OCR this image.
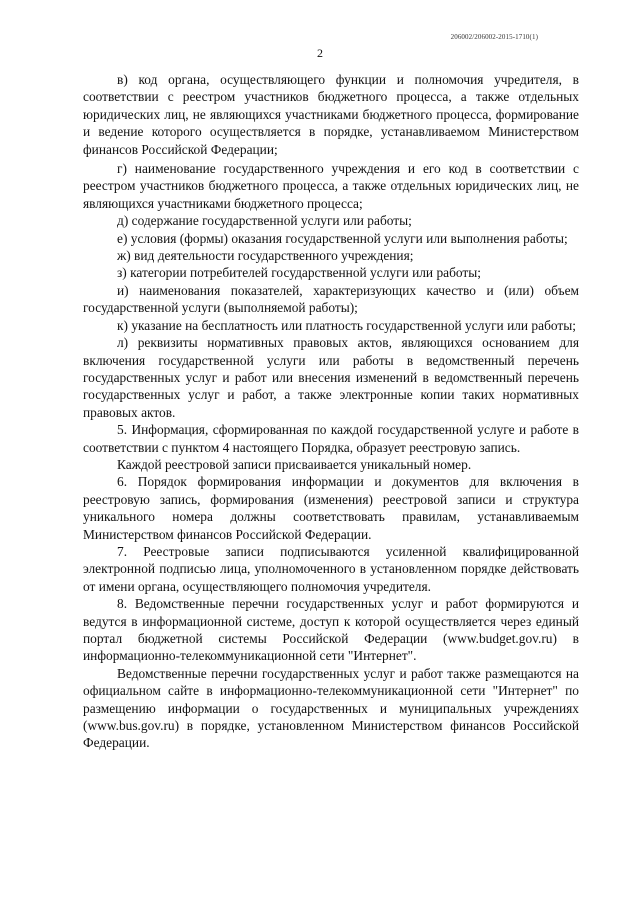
206002/206002-2015-1710(1)
2

в) код органа, осуществляющего функции и полномочия учредителя, в соответствии с реестром участников бюджетного процесса, а также отдельных юридических лиц, не являющихся участниками бюджетного процесса, формирование и ведение которого осуществляется в порядке, устанавливаемом Министерством финансов Российской Федерации;

г) наименование государственного учреждения и его код в соответствии с реестром участников бюджетного процесса, а также отдельных юридических лиц, не являющихся участниками бюджетного процесса;

д) содержание государственной услуги или работы;

е) условия (формы) оказания государственной услуги или выполнения работы;

ж) вид деятельности государственного учреждения;

з) категории потребителей государственной услуги или работы;

и) наименования показателей, характеризующих качество и (или) объем государственной услуги (выполняемой работы);

к) указание на бесплатность или платность государственной услуги или работы;

л) реквизиты нормативных правовых актов, являющихся основанием для включения государственной услуги или работы в ведомственный перечень государственных услуг и работ или внесения изменений в ведомственный перечень государственных услуг и работ, а также электронные копии таких нормативных правовых актов.

5. Информация, сформированная по каждой государственной услуге и работе в соответствии с пунктом 4 настоящего Порядка, образует реестровую запись.

Каждой реестровой записи присваивается уникальный номер.

6. Порядок формирования информации и документов для включения в реестровую запись, формирования (изменения) реестровой записи и структура уникального номера должны соответствовать правилам, устанавливаемым Министерством финансов Российской Федерации.

7. Реестровые записи подписываются усиленной квалифицированной электронной подписью лица, уполномоченного в установленном порядке действовать от имени органа, осуществляющего полномочия учредителя.

8. Ведомственные перечни государственных услуг и работ формируются и ведутся в информационной системе, доступ к которой осуществляется через единый портал бюджетной системы Российской Федерации (www.budget.gov.ru) в информационно-телекоммуникационной сети "Интернет".

Ведомственные перечни государственных услуг и работ также размещаются на официальном сайте в информационно-телекоммуникационной сети "Интернет" по размещению информации о государственных и муниципальных учреждениях (www.bus.gov.ru) в порядке, установленном Министерством финансов Российской Федерации.
